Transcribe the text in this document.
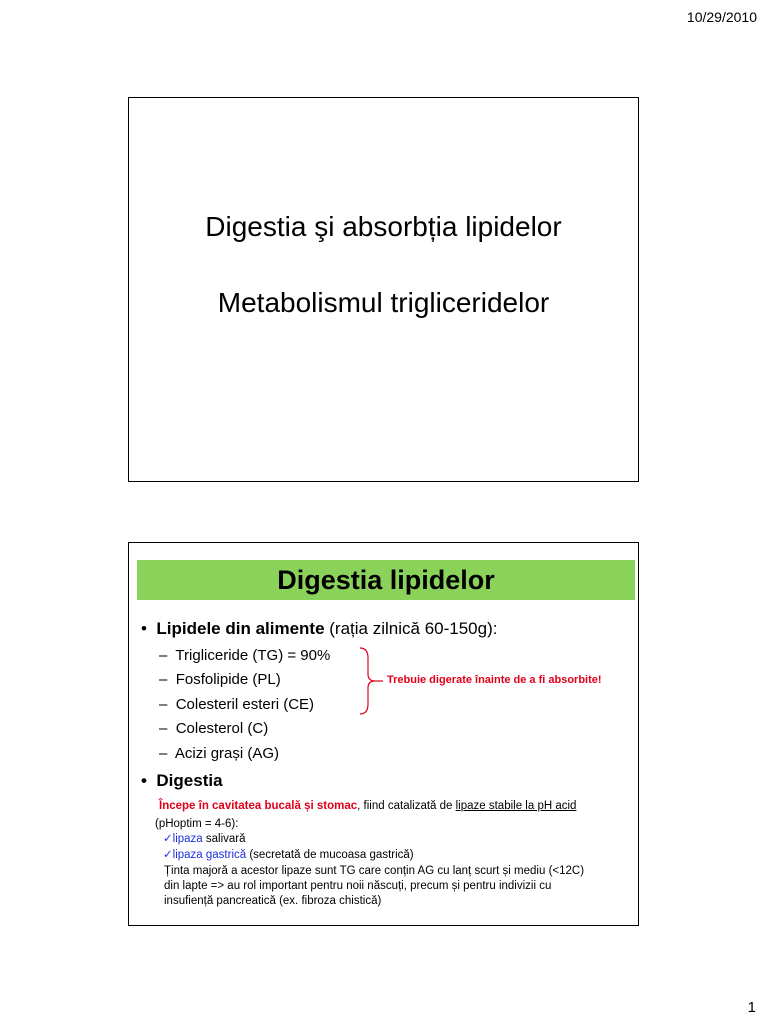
10/29/2010
Digestia şi absorbția lipidelor
Metabolismul trigliceridelor
Digestia lipidelor
• Lipidele din alimente (rația zilnică 60-150g):
– Trigliceride (TG) = 90%
– Fosfolipide (PL)
– Colesteril esteri (CE)
– Colesterol (C)
– Acizi grași (AG)
Trebuie digerate înainte de a fi absorbite!
• Digestia
Începe în cavitatea bucală și stomac, fiind catalizată de lipaze stabile la pH acid
(pHoptim = 4-6):
✓lipaza salivară
✓lipaza gastrică (secretată de mucoasa gastrică)
Ținta majoră a acestor lipaze sunt TG care conțin AG cu lanț scurt și mediu (<12C)
din lapte => au rol important pentru noii născuți, precum și pentru indivizii cu
insufiență pancreatică (ex. fibroza chistică)
1
